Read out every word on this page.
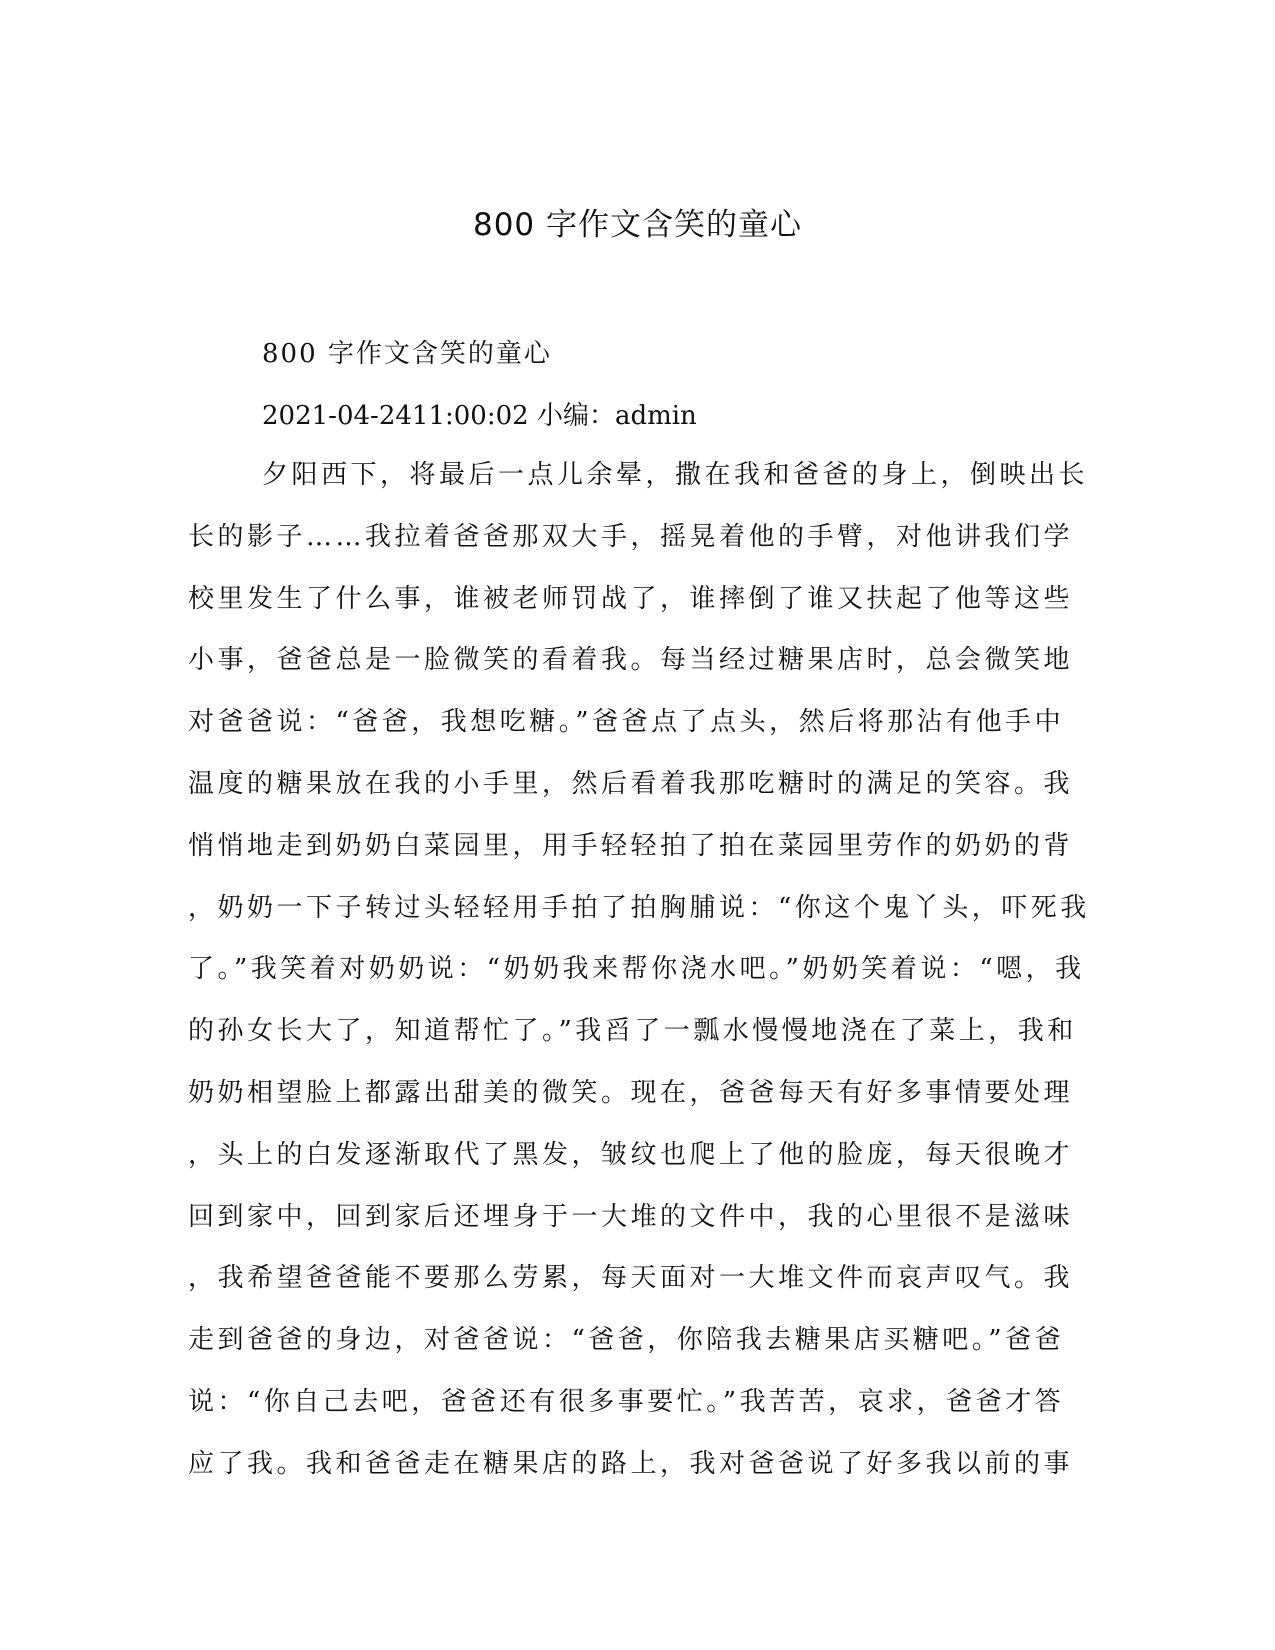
800 字作文含笑的童心
800 字作文含笑的童心
2021-04-2411:00:02 小编：admin
夕阳西下，将最后一点儿余晕，撒在我和爸爸的身上，倒映出长
长的影子……我拉着爸爸那双大手，摇晃着他的手臂，对他讲我们学
校里发生了什么事，谁被老师罚战了，谁摔倒了谁又扶起了他等这些
小事，爸爸总是一脸微笑的看着我。每当经过糖果店时，总会微笑地
对爸爸说：“爸爸，我想吃糖。”爸爸点了点头，然后将那沾有他手中
温度的糖果放在我的小手里，然后看着我那吃糖时的满足的笑容。我
悄悄地走到奶奶白菜园里，用手轻轻拍了拍在菜园里劳作的奶奶的背
，奶奶一下子转过头轻轻用手拍了拍胸脯说：“你这个鬼丫头，吓死我
了。”我笑着对奶奶说：“奶奶我来帮你浇水吧。”奶奶笑着说：“嗯，我
的孙女长大了，知道帮忙了。”我舀了一瓢水慢慢地浇在了菜上，我和
奶奶相望脸上都露出甜美的微笑。现在，爸爸每天有好多事情要处理
，头上的白发逐渐取代了黑发，皱纹也爬上了他的脸庞，每天很晚才
回到家中，回到家后还埋身于一大堆的文件中，我的心里很不是滋味
，我希望爸爸能不要那么劳累，每天面对一大堆文件而哀声叹气。我
走到爸爸的身边，对爸爸说：“爸爸，你陪我去糖果店买糖吧。”爸爸
说：“你自己去吧，爸爸还有很多事要忙。”我苦苦，哀求，爸爸才答
应了我。我和爸爸走在糖果店的路上，我对爸爸说了好多我以前的事
